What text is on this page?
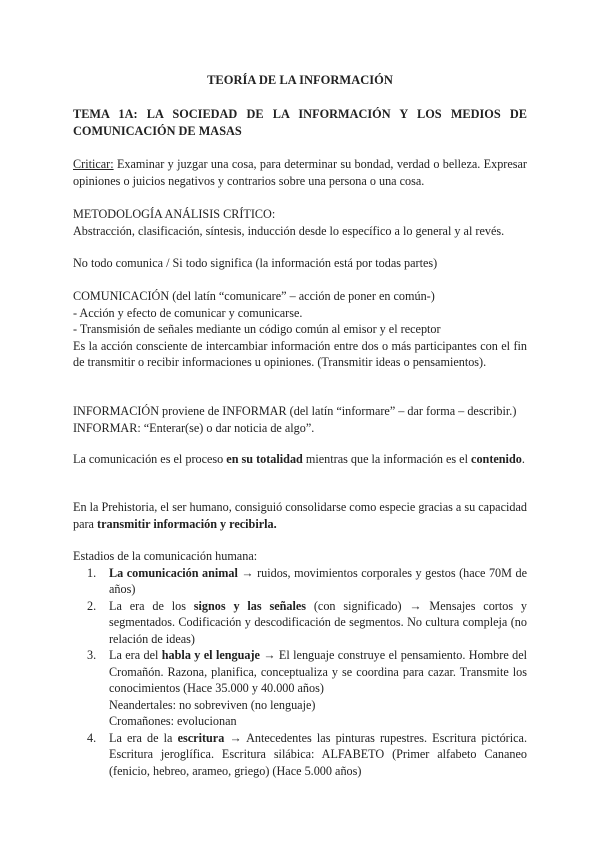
TEORÍA DE LA INFORMACIÓN
TEMA 1A: LA SOCIEDAD DE LA INFORMACIÓN Y LOS MEDIOS DE COMUNICACIÓN DE MASAS
Criticar: Examinar y juzgar una cosa, para determinar su bondad, verdad o belleza. Expresar opiniones o juicios negativos y contrarios sobre una persona o una cosa.

METODOLOGÍA ANÁLISIS CRÍTICO:

Abstracción, clasificación, síntesis, inducción desde lo específico a lo general y al revés.

No todo comunica / Si todo significa (la información está por todas partes)

COMUNICACIÓN (del latín “comunicare” – acción de poner en común-)

- Acción y efecto de comunicar y comunicarse.

- Transmisión de señales mediante un código común al emisor y el receptor

Es la acción consciente de intercambiar información entre dos o más participantes con el fin de transmitir o recibir informaciones u opiniones. (Transmitir ideas o pensamientos).

INFORMACIÓN proviene de INFORMAR (del latín “informare” – dar forma – describir.)

INFORMAR: “Enterar(se) o dar noticia de algo”.

La comunicación es el proceso en su totalidad mientras que la información es el contenido.
En la Prehistoria, el ser humano, consiguió consolidarse como especie gracias a su capacidad para transmitir información y recibirla.

Estadios de la comunicación humana:

1. La comunicación animal → ruidos, movimientos corporales y gestos (hace 70M de años)
2. La era de los signos y las señales (con significado) → Mensajes cortos y segmentados. Codificación y descodificación de segmentos. No cultura compleja (no relación de ideas)
3. La era del habla y el lenguaje → El lenguaje construye el pensamiento. Hombre del Cromañón. Razona, planifica, conceptualiza y se coordina para cazar. Transmite los conocimientos (Hace 35.000 y 40.000 años)

Neandertales: no sobreviven (no lenguaje)

Cromañones: evolucionan

4. La era de la escritura → Antecedentes las pinturas rupestres. Escritura pictórica. Escritura jeroglífica. Escritura silábica: ALFABETO (Primer alfabeto Cananeo (fenicio, hebreo, arameo, griego) (Hace 5.000 años)
